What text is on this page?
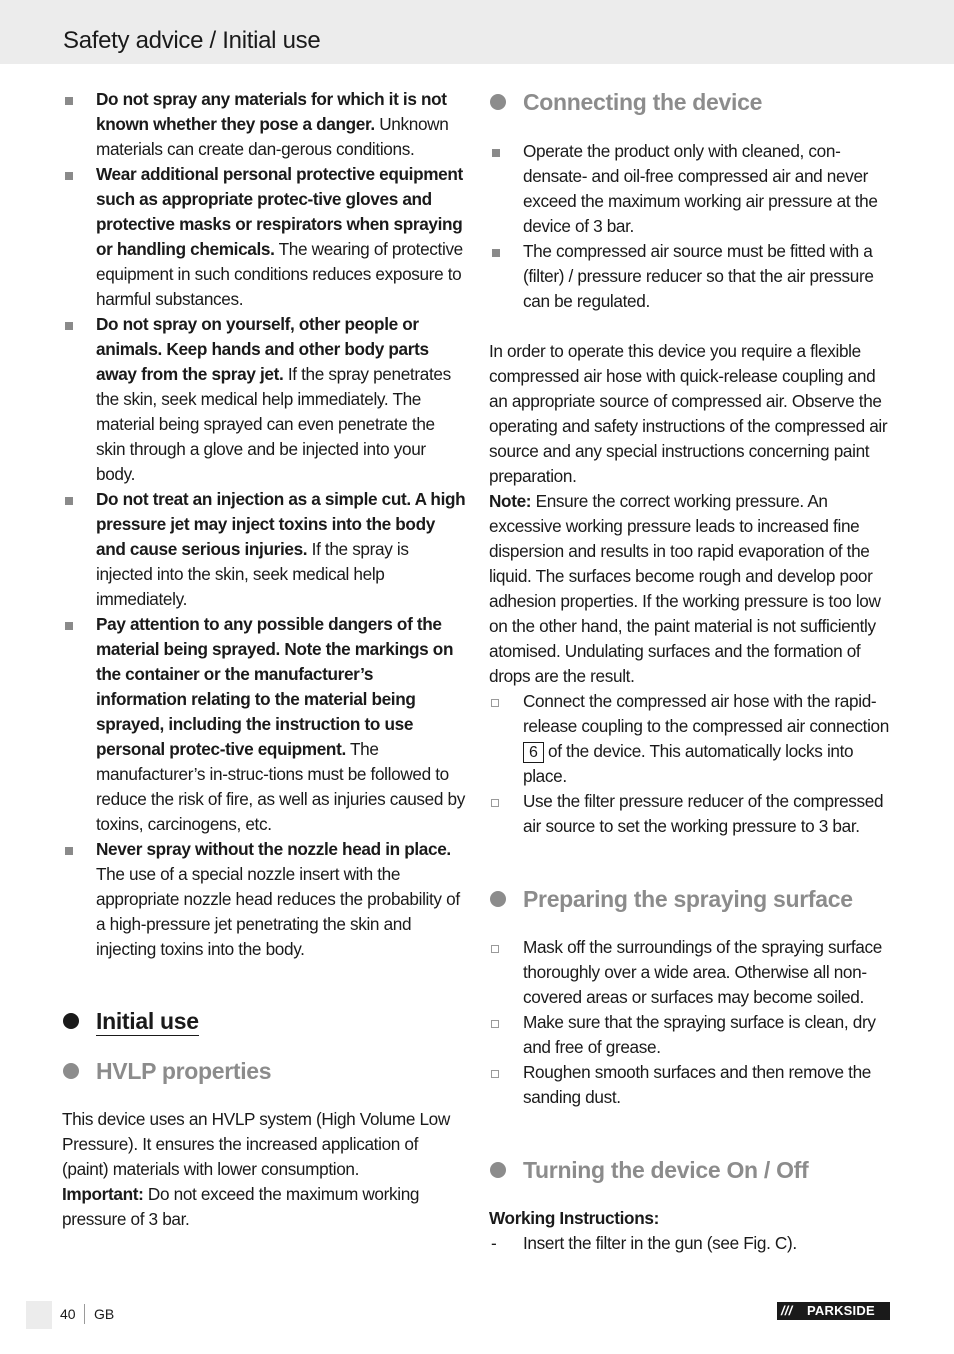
Safety advice / Initial use
Do not spray any materials for which it is not known whether they pose a danger. Unknown materials can create dan-gerous conditions.
Wear additional personal protective equipment such as appropriate protec-tive gloves and protective masks or respirators when spraying or handling chemicals. The wearing of protective equipment in such conditions reduces exposure to harmful substances.
Do not spray on yourself, other people or animals. Keep hands and other body parts away from the spray jet. If the spray penetrates the skin, seek medical help immediately. The material being sprayed can even penetrate the skin through a glove and be injected into your body.
Do not treat an injection as a simple cut. A high pressure jet may inject toxins into the body and cause serious injuries. If the spray is injected into the skin, seek medical help immediately.
Pay attention to any possible dangers of the material being sprayed. Note the markings on the container or the manufacturer’s information relating to the material being sprayed, including the instruction to use personal protec-tive equipment. The manufacturer’s in-struc-tions must be followed to reduce the risk of fire, as well as injuries caused by toxins, carcinogens, etc.
Never spray without the nozzle head in place. The use of a special nozzle insert with the appropriate nozzle head reduces the probability of a high-pressure jet penetrating the skin and injecting toxins into the body.
Initial use
HVLP properties
This device uses an HVLP system (High Volume Low Pressure). It ensures the increased application of (paint) materials with lower consumption.
Important: Do not exceed the maximum working pressure of 3 bar.
Connecting the device
Operate the product only with cleaned, con-densate- and oil-free compressed air and never exceed the maximum working air pressure at the device of 3 bar.
The compressed air source must be fitted with a (filter) / pressure reducer so that the air pressure can be regulated.
In order to operate this device you require a flexible compressed air hose with quick-release coupling and an appropriate source of compressed air. Observe the operating and safety instructions of the compressed air source and any special instructions concerning paint preparation.
Note: Ensure the correct working pressure. An excessive working pressure leads to increased fine dispersion and results in too rapid evaporation of the liquid. The surfaces become rough and develop poor adhesion properties. If the working pressure is too low on the other hand, the paint material is not sufficiently atomised. Undulating surfaces and the formation of drops are the result.
Connect the compressed air hose with the rapid-release coupling to the compressed air connection 6 of the device. This automatically locks into place.
Use the filter pressure reducer of the compressed air source to set the working pressure to 3 bar.
Preparing the spraying surface
Mask off the surroundings of the spraying surface thoroughly over a wide area. Otherwise all non-covered areas or surfaces may become soiled.
Make sure that the spraying surface is clean, dry and free of grease.
Roughen smooth surfaces and then remove the sanding dust.
Turning the device On / Off
Working Instructions:
- Insert the filter in the gun (see Fig. C).
40 GB	/// PARKSIDE
